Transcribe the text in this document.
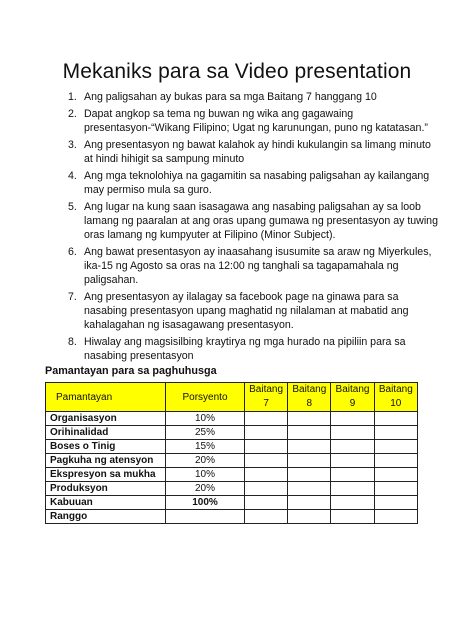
Mekaniks para sa Video presentation
1. Ang paligsahan ay bukas para sa mga Baitang 7 hanggang 10
2. Dapat angkop sa tema ng buwan ng wika ang gagawaing presentasyon-“Wikang Filipino; Ugat ng karunungan, puno ng katatasan.”
3. Ang presentasyon ng bawat kalahok ay hindi kukulangin sa limang minuto at hindi hihigit sa sampung minuto
4. Ang mga teknolohiya na gagamitin sa nasabing paligsahan ay kailangang may permiso mula sa guro.
5. Ang lugar na kung saan isasagawa ang nasabing paligsahan ay sa loob lamang ng paaralan at ang oras upang gumawa ng presentasyon ay tuwing oras lamang ng kumpyuter at Filipino (Minor Subject).
6. Ang bawat presentasyon ay inaasahang isusumite sa araw ng Miyerkules, ika-15 ng Agosto sa oras na 12:00 ng tanghali sa tagapamahala ng paligsahan.
7. Ang presentasyon ay ilalagay sa facebook page na ginawa para sa nasabing presentasyon upang maghatid ng nilalaman at mabatid ang kahalagahan ng isasagawang presentasyon.
8. Hiwalay ang magsisilbing kraytirya ng mga hurado na pipiliin para sa nasabing presentasyon
Pamantayan para sa paghuhusga
Pamantayan	Porsyento	Baitang 7	Baitang 8	Baitang 9	Baitang 10
Organisasyon	10%				
Orihinalidad	25%				
Boses o Tinig	15%				
Pagkuha ng atensyon	20%				
Ekspresyon sa mukha	10%				
Produksyon	20%				
Kabuuan	100%				
Ranggo					
